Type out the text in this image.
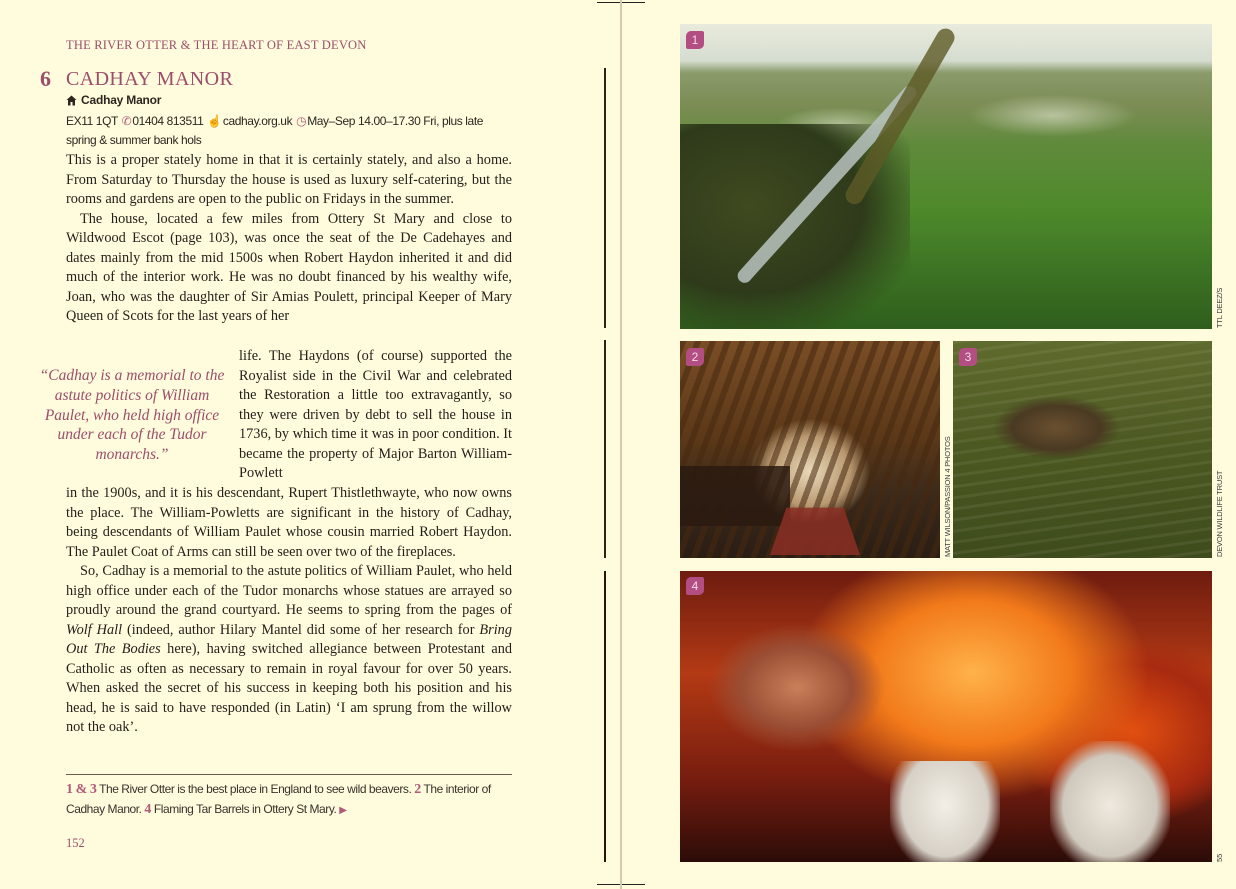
THE RIVER OTTER & THE HEART OF EAST DEVON
6 CADHAY MANOR
Cadhay Manor
EX11 1QT ✆01404 813511 ☝cadhay.org.uk ◷May–Sep 14.00–17.30 Fri, plus late spring & summer bank hols

This is a proper stately home in that it is certainly stately, and also a home. From Saturday to Thursday the house is used as luxury self-catering, but the rooms and gardens are open to the public on Fridays in the summer.

The house, located a few miles from Ottery St Mary and close to Wildwood Escot (page 103), was once the seat of the De Cadehayes and dates mainly from the mid 1500s when Robert Haydon inherited it and did much of the interior work. He was no doubt financed by his wealthy wife, Joan, who was the daughter of Sir Amias Poulett, principal Keeper of Mary Queen of Scots for the last years of her

“Cadhay is a memorial to the astute politics of William Paulet, who held high office under each of the Tudor monarchs.”

life. The Haydons (of course) supported the Royalist side in the Civil War and celebrated the Restoration a little too extravagantly, so they were driven by debt to sell the house in 1736, by which time it was in poor condition. It became the property of Major Barton William-Powlett

in the 1900s, and it is his descendant, Rupert Thistlethwayte, who now owns the place. The William-Powletts are significant in the history of Cadhay, being descendants of William Paulet whose cousin married Robert Haydon. The Paulet Coat of Arms can still be seen over two of the fireplaces.

So, Cadhay is a memorial to the astute politics of William Paulet, who held high office under each of the Tudor monarchs whose statues are arrayed so proudly around the grand courtyard. He seems to spring from the pages of Wolf Hall (indeed, author Hilary Mantel did some of her research for Bring Out The Bodies here), having switched allegiance between Protestant and Catholic as often as necessary to remain in royal favour for over 50 years. When asked the secret of his success in keeping both his position and his head, he is said to have responded (in Latin) ‘I am sprung from the willow not the oak’.

1 & 3 The River Otter is the best place in England to see wild beavers. 2 The interior of Cadhay Manor. 4 Flaming Tar Barrels in Ottery St Mary. ▶
152
1
TTL DEEZ/S
2
MATT WILSON/PASSION 4 PHOTOS
3
DEVON WILDLIFE TRUST
4
55
